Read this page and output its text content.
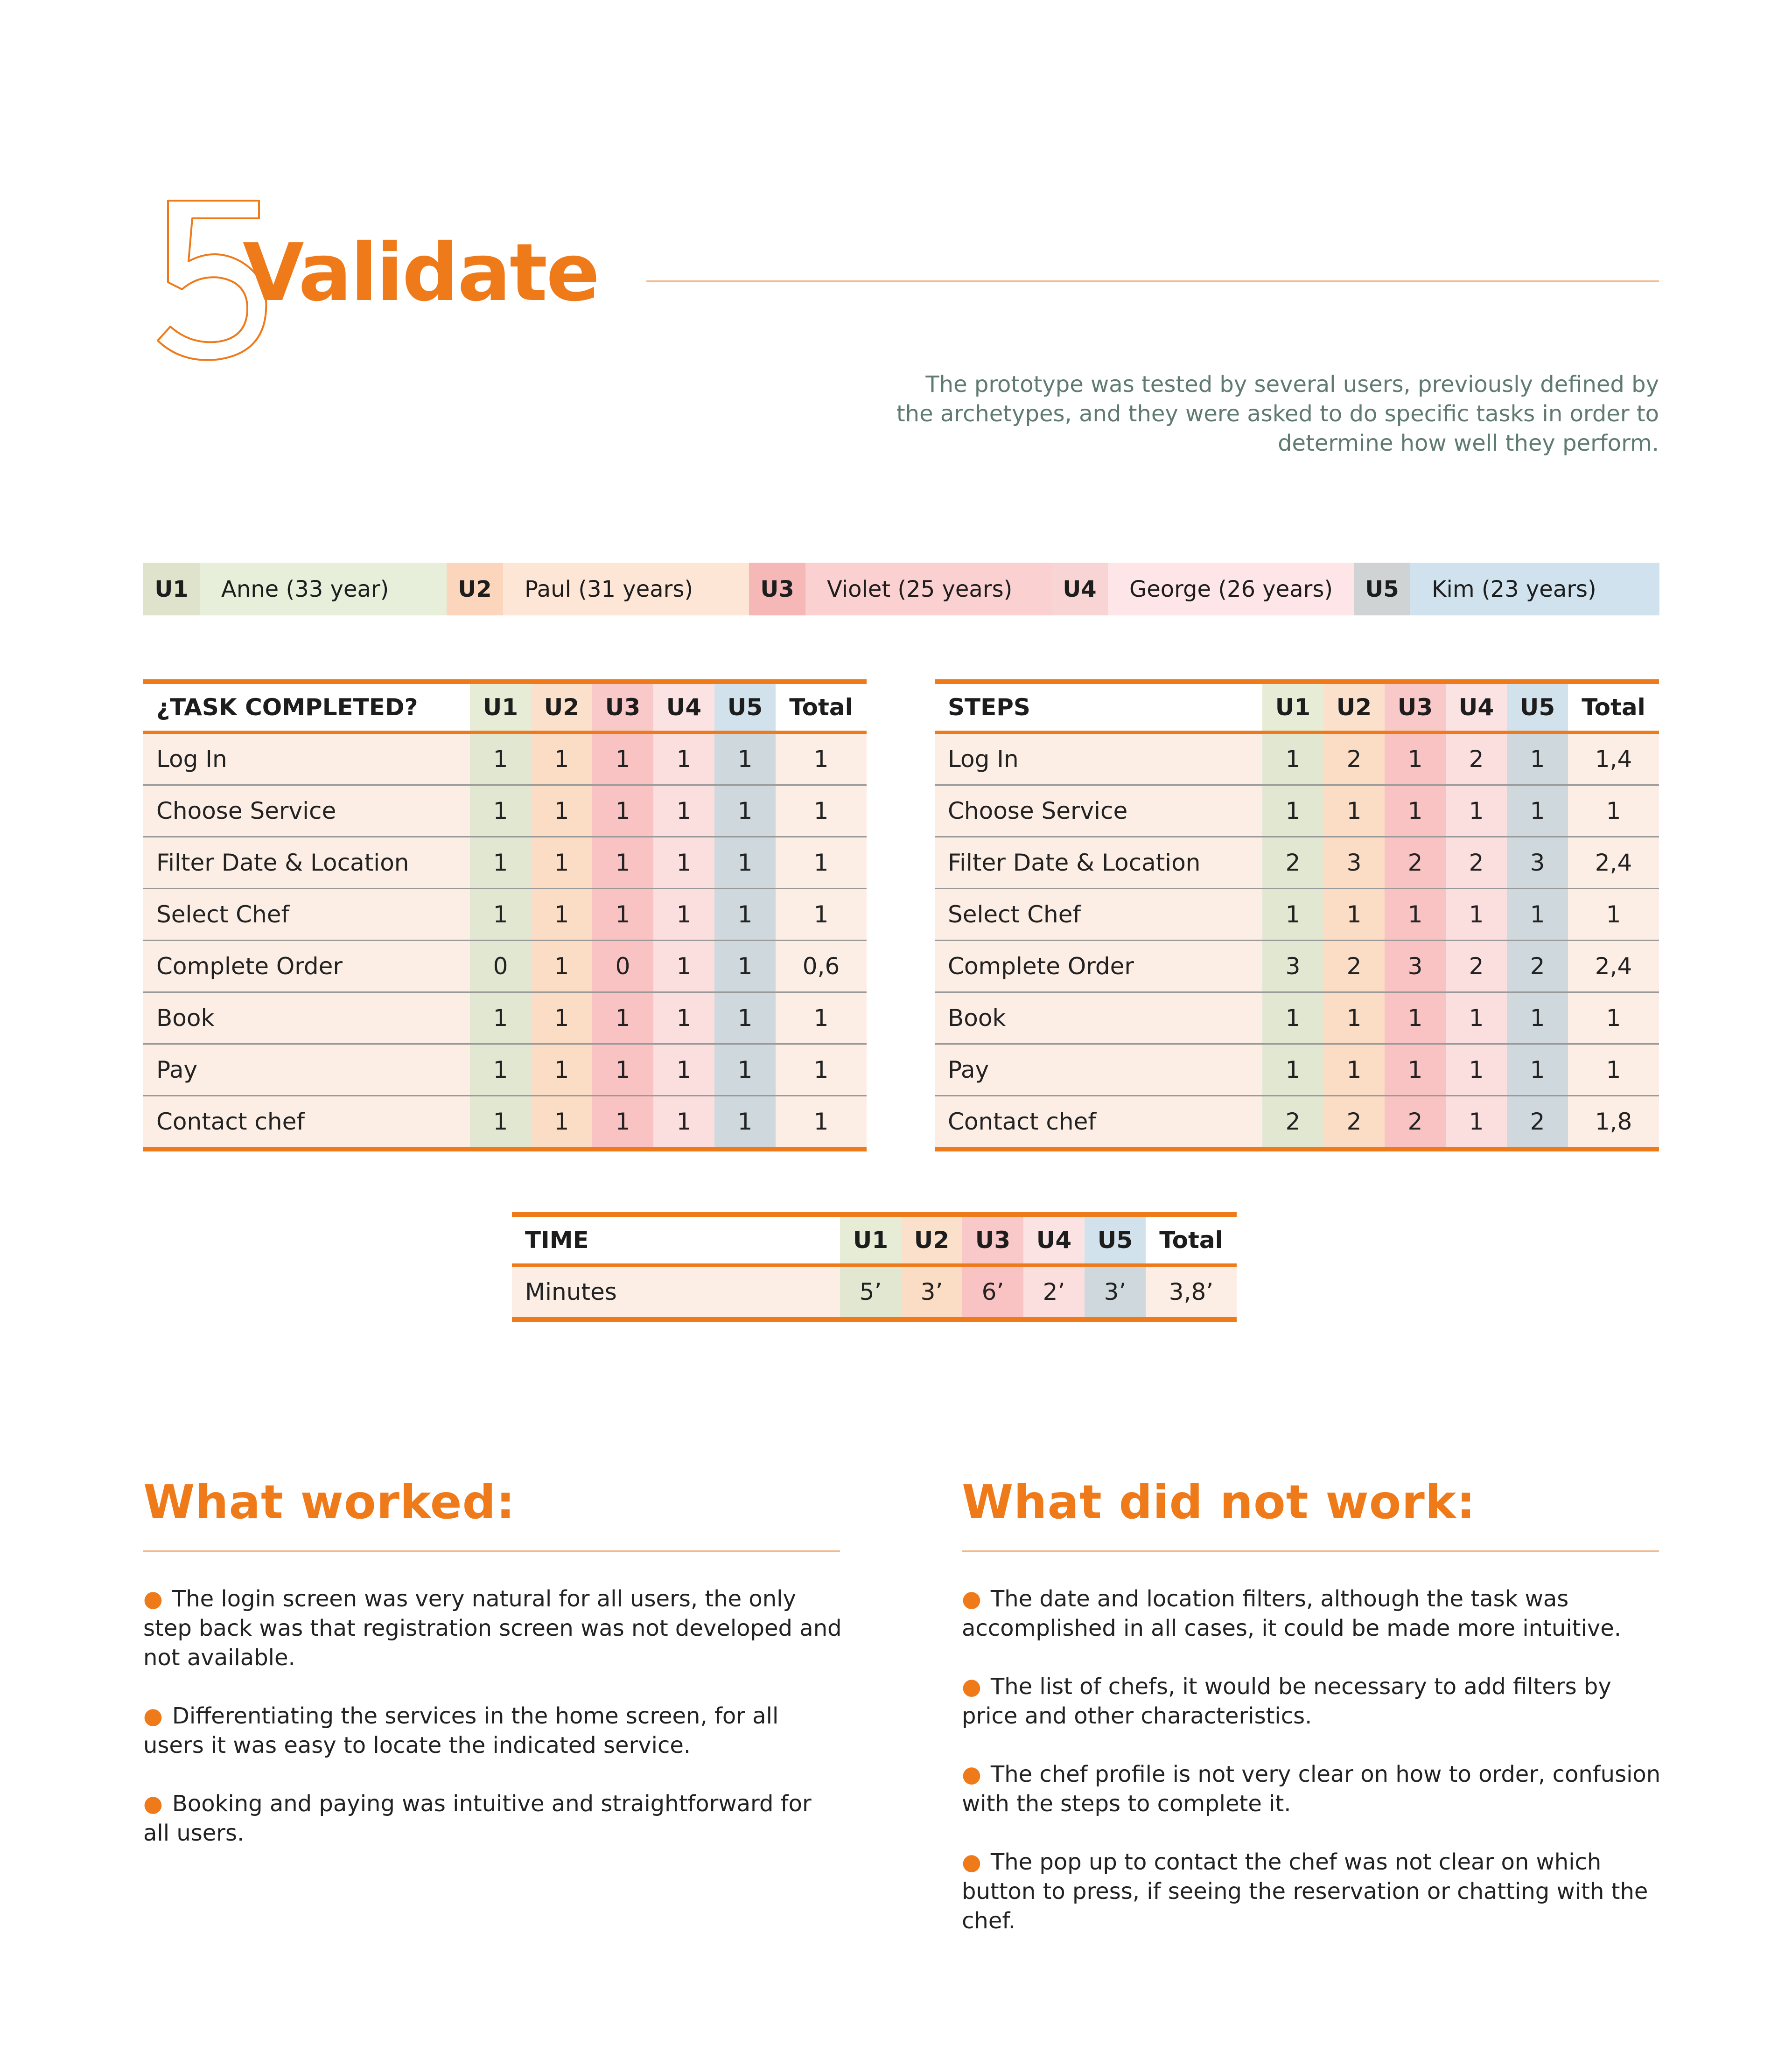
Validate
The prototype was tested by several users, previously defined by the archetypes, and they were asked to do specific tasks in order to determine how well they perform.
U1	Anne (33 year)	U2	Paul (31 years)	U3	Violet (25 years)	U4	George (26 years)	U5	Kim (23 years)
¿TASK COMPLETED?	U1	U2	U3	U4	U5	Total
Log In	1	1	1	1	1	1
Choose Service	1	1	1	1	1	1
Filter Date & Location	1	1	1	1	1	1
Select Chef	1	1	1	1	1	1
Complete Order	0	1	0	1	1	0,6
Book	1	1	1	1	1	1
Pay	1	1	1	1	1	1
Contact chef	1	1	1	1	1	1
STEPS	U1	U2	U3	U4	U5	Total
Log In	1	2	1	2	1	1,4
Choose Service	1	1	1	1	1	1
Filter Date & Location	2	3	2	2	3	2,4
Select Chef	1	1	1	1	1	1
Complete Order	3	2	3	2	2	2,4
Book	1	1	1	1	1	1
Pay	1	1	1	1	1	1
Contact chef	2	2	2	1	2	1,8
TIME	U1	U2	U3	U4	U5	Total
Minutes	5’	3’	6’	2’	3’	3,8’
What worked:

● The login screen was very natural for all users, the only step back was that registration screen was not developed and not available.

● Differentiating the services in the home screen, for all users it was easy to locate the indicated service.

● Booking and paying was intuitive and straightforward for all users.

What did not work:

● The date and location filters, although the task was accomplished in all cases, it could be made more intuitive.

● The list of chefs, it would be necessary to add filters by price and other characteristics.

● The chef profile is not very clear on how to order, confusion with the steps to complete it.

● The pop up to contact the chef was not clear on which button to press, if seeing the reservation or chatting with the chef.
